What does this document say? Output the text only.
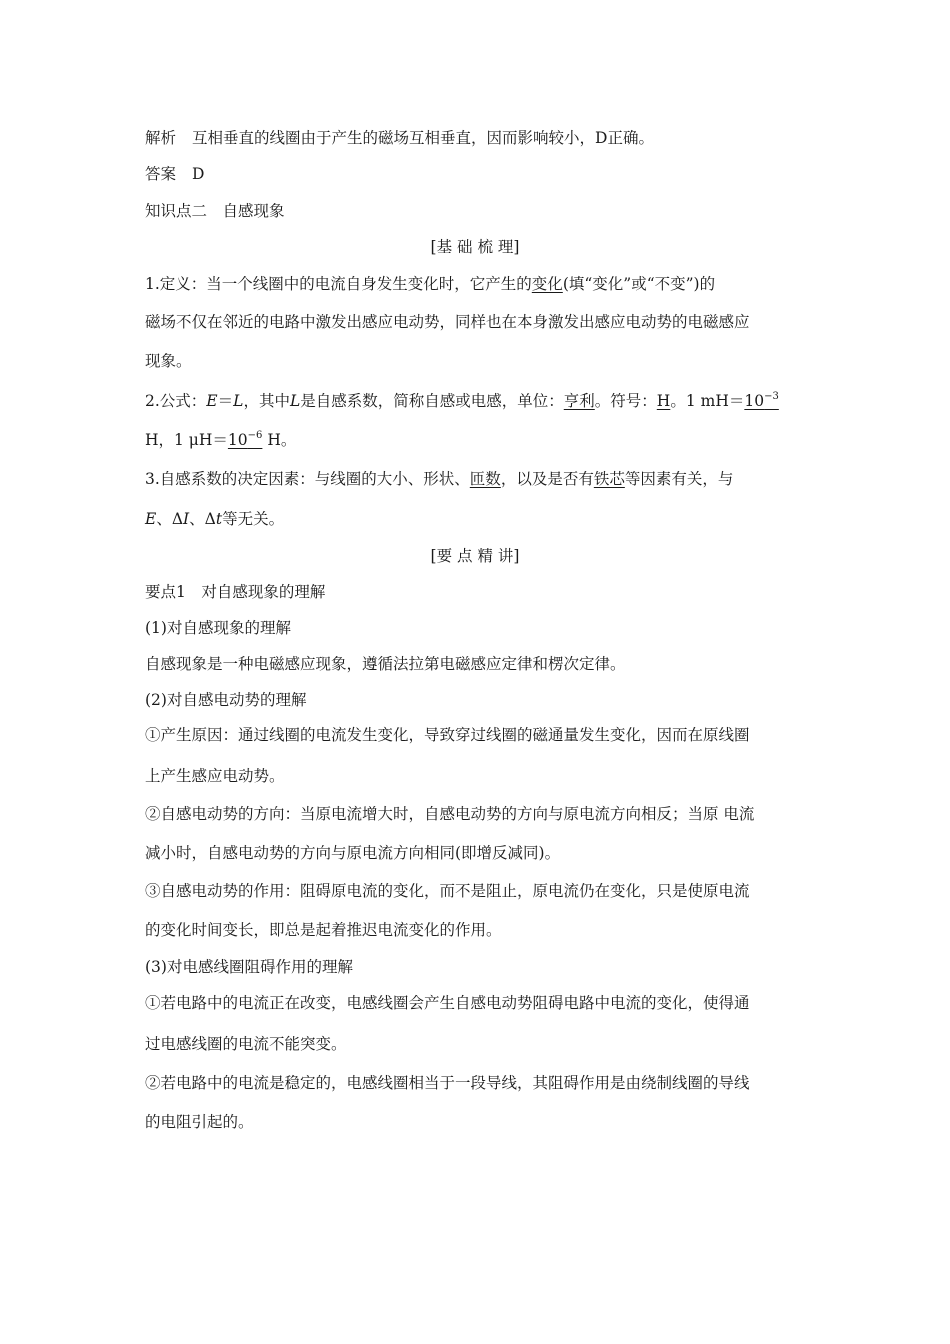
解析 互相垂直的线圈由于产生的磁场互相垂直，因而影响较小，D正确。
答案 D
知识点二　自感现象
[基 础 梳 理]
1.定义：当一个线圈中的电流自身发生变化时，它产生的变化(填“变化”或“不变”)的
磁场不仅在邻近的电路中激发出感应电动势，同样也在本身激发出感应电动势的电磁感应
现象。
2.公式：E＝L，其中L是自感系数，简称自感或电感，单位：亨利。符号：H。1 $mH=10^{-3}$
H，1 $\mu H=10^{-6}$ H。
3.自感系数的决定因素：与线圈的大小、形状、匝数，以及是否有铁芯等因素有关，与
E、ΔI、Δt等无关。
[要 点 精 讲]
要点1　对自感现象的理解
(1)对自感现象的理解
自感现象是一种电磁感应现象，遵循法拉第电磁感应定律和楞次定律。
(2)对自感电动势的理解
①产生原因：通过线圈的电流发生变化，导致穿过线圈的磁通量发生变化，因而在原线圈
上产生感应电动势。
②自感电动势的方向：当原电流增大时，自感电动势的方向与原电流方向相反；当原 电流
减小时，自感电动势的方向与原电流方向相同(即增反减同)。
③自感电动势的作用：阻碍原电流的变化，而不是阻止，原电流仍在变化，只是使原电流
的变化时间变长，即总是起着推迟电流变化的作用。
(3)对电感线圈阻碍作用的理解
①若电路中的电流正在改变，电感线圈会产生自感电动势阻碍电路中电流的变化，使得通
过电感线圈的电流不能突变。
②若电路中的电流是稳定的，电感线圈相当于一段导线，其阻碍作用是由绕制线圈的导线
的电阻引起的。
